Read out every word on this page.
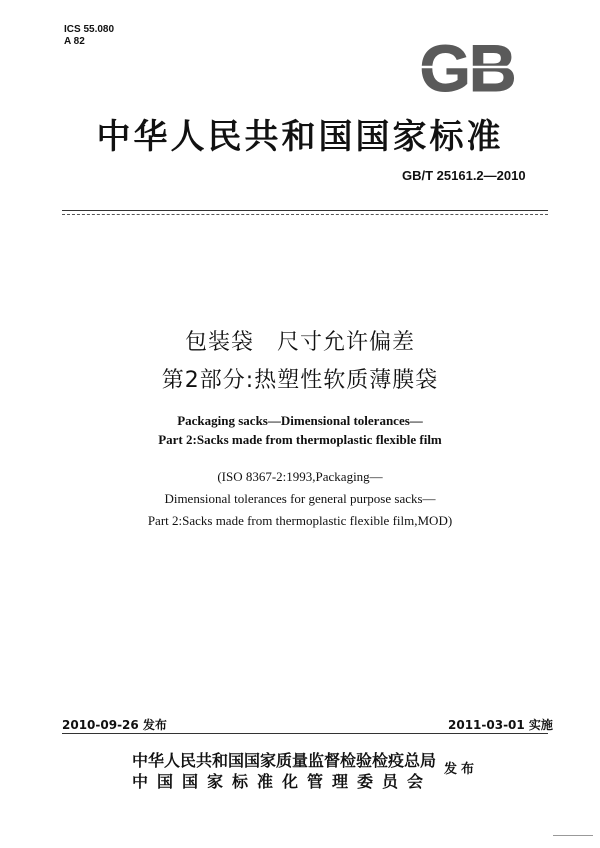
ICS 55.080
A 82	GB
中华人民共和国国家标准
GB/T 25161.2—2010
包装袋　尺寸允许偏差
第2部分:热塑性软质薄膜袋
Packaging sacks—Dimensional tolerances—
Part 2:Sacks made from thermoplastic flexible film
(ISO 8367-2:1993,Packaging—
Dimensional tolerances for general purpose sacks—
Part 2:Sacks made from thermoplastic flexible film,MOD)
2010-09-26 发布	2011-03-01 实施
中华人民共和国国家质量监督检验检疫总局
中国国家标准化管理委员会
发布
